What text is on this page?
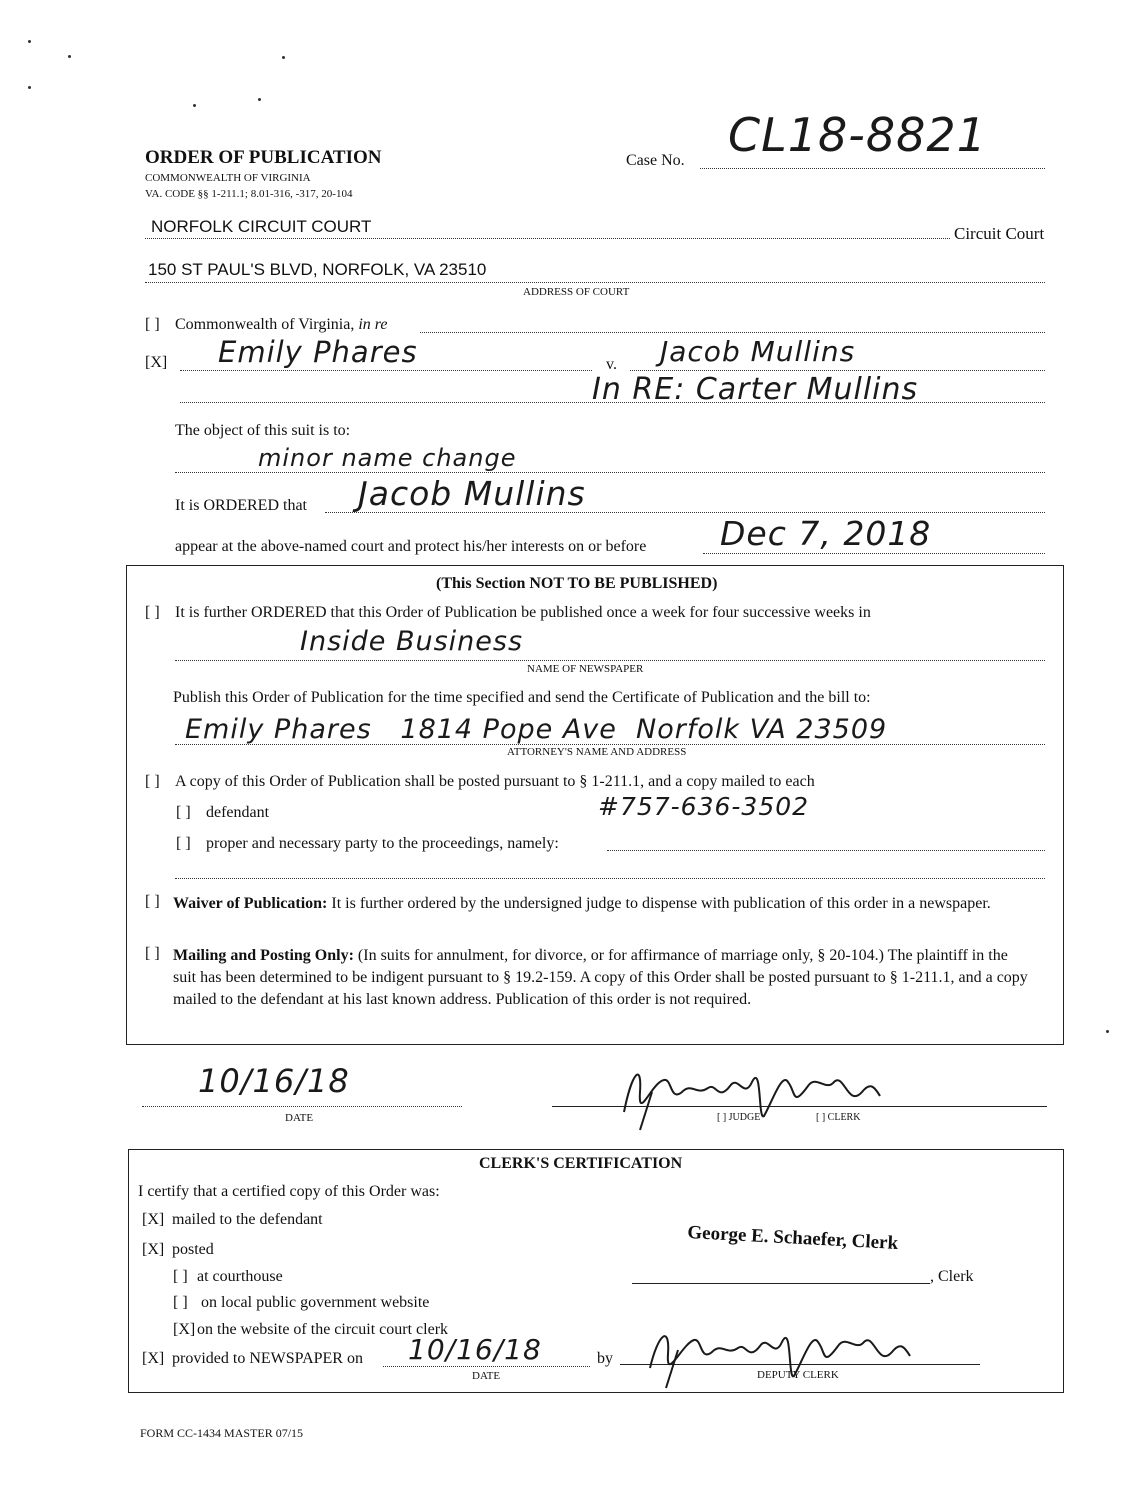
ORDER OF PUBLICATION
COMMONWEALTH OF VIRGINIA
VA. CODE §§ 1-211.1; 8.01-316, -317, 20-104
Case No. CL18-8821
NORFOLK CIRCUIT COURT	Circuit Court
150 ST PAUL'S BLVD, NORFOLK, VA 23510
ADDRESS OF COURT
[ ] Commonwealth of Virginia, in re
[X] Emily Phares	v. Jacob Mullins
In RE: Carter Mullins
The object of this suit is to:
minor name change
It is ORDERED that Jacob Mullins
appear at the above-named court and protect his/her interests on or before Dec 7, 2018
(This Section NOT TO BE PUBLISHED)
[ ] It is further ORDERED that this Order of Publication be published once a week for four successive weeks in
Inside Business
NAME OF NEWSPAPER
Publish this Order of Publication for the time specified and send the Certificate of Publication and the bill to:
Emily Phares   1814 Pope Ave  Norfolk VA 23509
ATTORNEY'S NAME AND ADDRESS
[ ] A copy of this Order of Publication shall be posted pursuant to § 1-211.1, and a copy mailed to each
[ ] defendant	#757-636-3502
[ ] proper and necessary party to the proceedings, namely:
[ ] Waiver of Publication: It is further ordered by the undersigned judge to dispense with publication of this order in a newspaper.
[ ] Mailing and Posting Only: (In suits for annulment, for divorce, or for affirmance of marriage only, § 20-104.) The plaintiff in the suit has been determined to be indigent pursuant to § 19.2-159. A copy of this Order shall be posted pursuant to § 1-211.1, and a copy mailed to the defendant at his last known address. Publication of this order is not required.
10/16/18
DATE	[ ] JUDGE	[ ] CLERK
CLERK'S CERTIFICATION
I certify that a certified copy of this Order was:
[X] mailed to the defendant
[X] posted
[ ] at courthouse
[ ] on local public government website
[X] on the website of the circuit court clerk
[X] provided to NEWSPAPER on 10/16/18
DATE
by
DEPUTY CLERK
George E. Schaefer, Clerk
, Clerk
FORM CC-1434 MASTER 07/15
